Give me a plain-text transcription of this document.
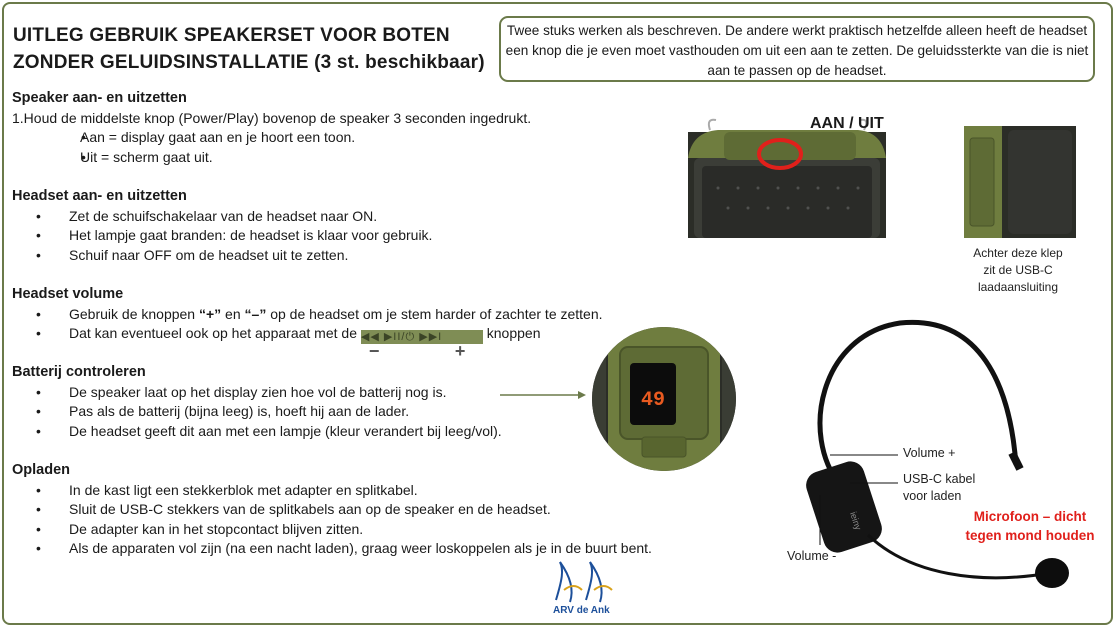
UITLEG GEBRUIK SPEAKERSET VOOR BOTEN
ZONDER GELUIDSINSTALLATIE (3 st. beschikbaar)
Twee stuks werken als beschreven. De andere werkt praktisch hetzelfde alleen heeft de headset een knop die je even moet vasthouden om uit een aan te zetten. De geluidssterkte van die is niet aan te passen op de headset.
Speaker aan- en uitzetten

1.Houd de middelste knop (Power/Play) bovenop de speaker 3 seconden ingedrukt.

• Aan = display gaat aan en je hoort een toon.
• Uit = scherm gaat uit.
Headset aan- en uitzetten
• Zet de schuifschakelaar van de headset naar ON.
• Het lampje gaat branden: de headset is klaar voor gebruik.
• Schuif naar OFF om de headset uit te zetten.
Headset volume
• Gebruik de knoppen “+” en “–” op de headset om je stem harder of zachter te zetten.
• Dat kan eventueel ook op het apparaat met de ◀◀ ▶II/⏻ ▶▶I
−	+
knoppen
Batterij controleren
• De speaker laat op het display zien hoe vol de batterij nog is.
• Pas als de batterij (bijna leeg) is, hoeft hij aan de lader.
• De headset geeft dit aan met een lampje (kleur verandert bij leeg/vol).
Opladen
• In de kast ligt een stekkerblok met adapter en splitkabel.
• Sluit de USB-C stekkers van de splitkabels aan op de speaker en de headset.
• De adapter kan in het stopcontact blijven zitten.
• Als de apparaten vol zijn (na een nacht laden), graag weer loskoppelen als je in de buurt bent.
49
AAN / UIT
Achter deze klep
zit de USB-C
laadaansluiting
ieiny
Volume +
USB-C kabel
voor laden
Volume -
Microfoon – dicht
tegen mond houden
ARV de Ank
